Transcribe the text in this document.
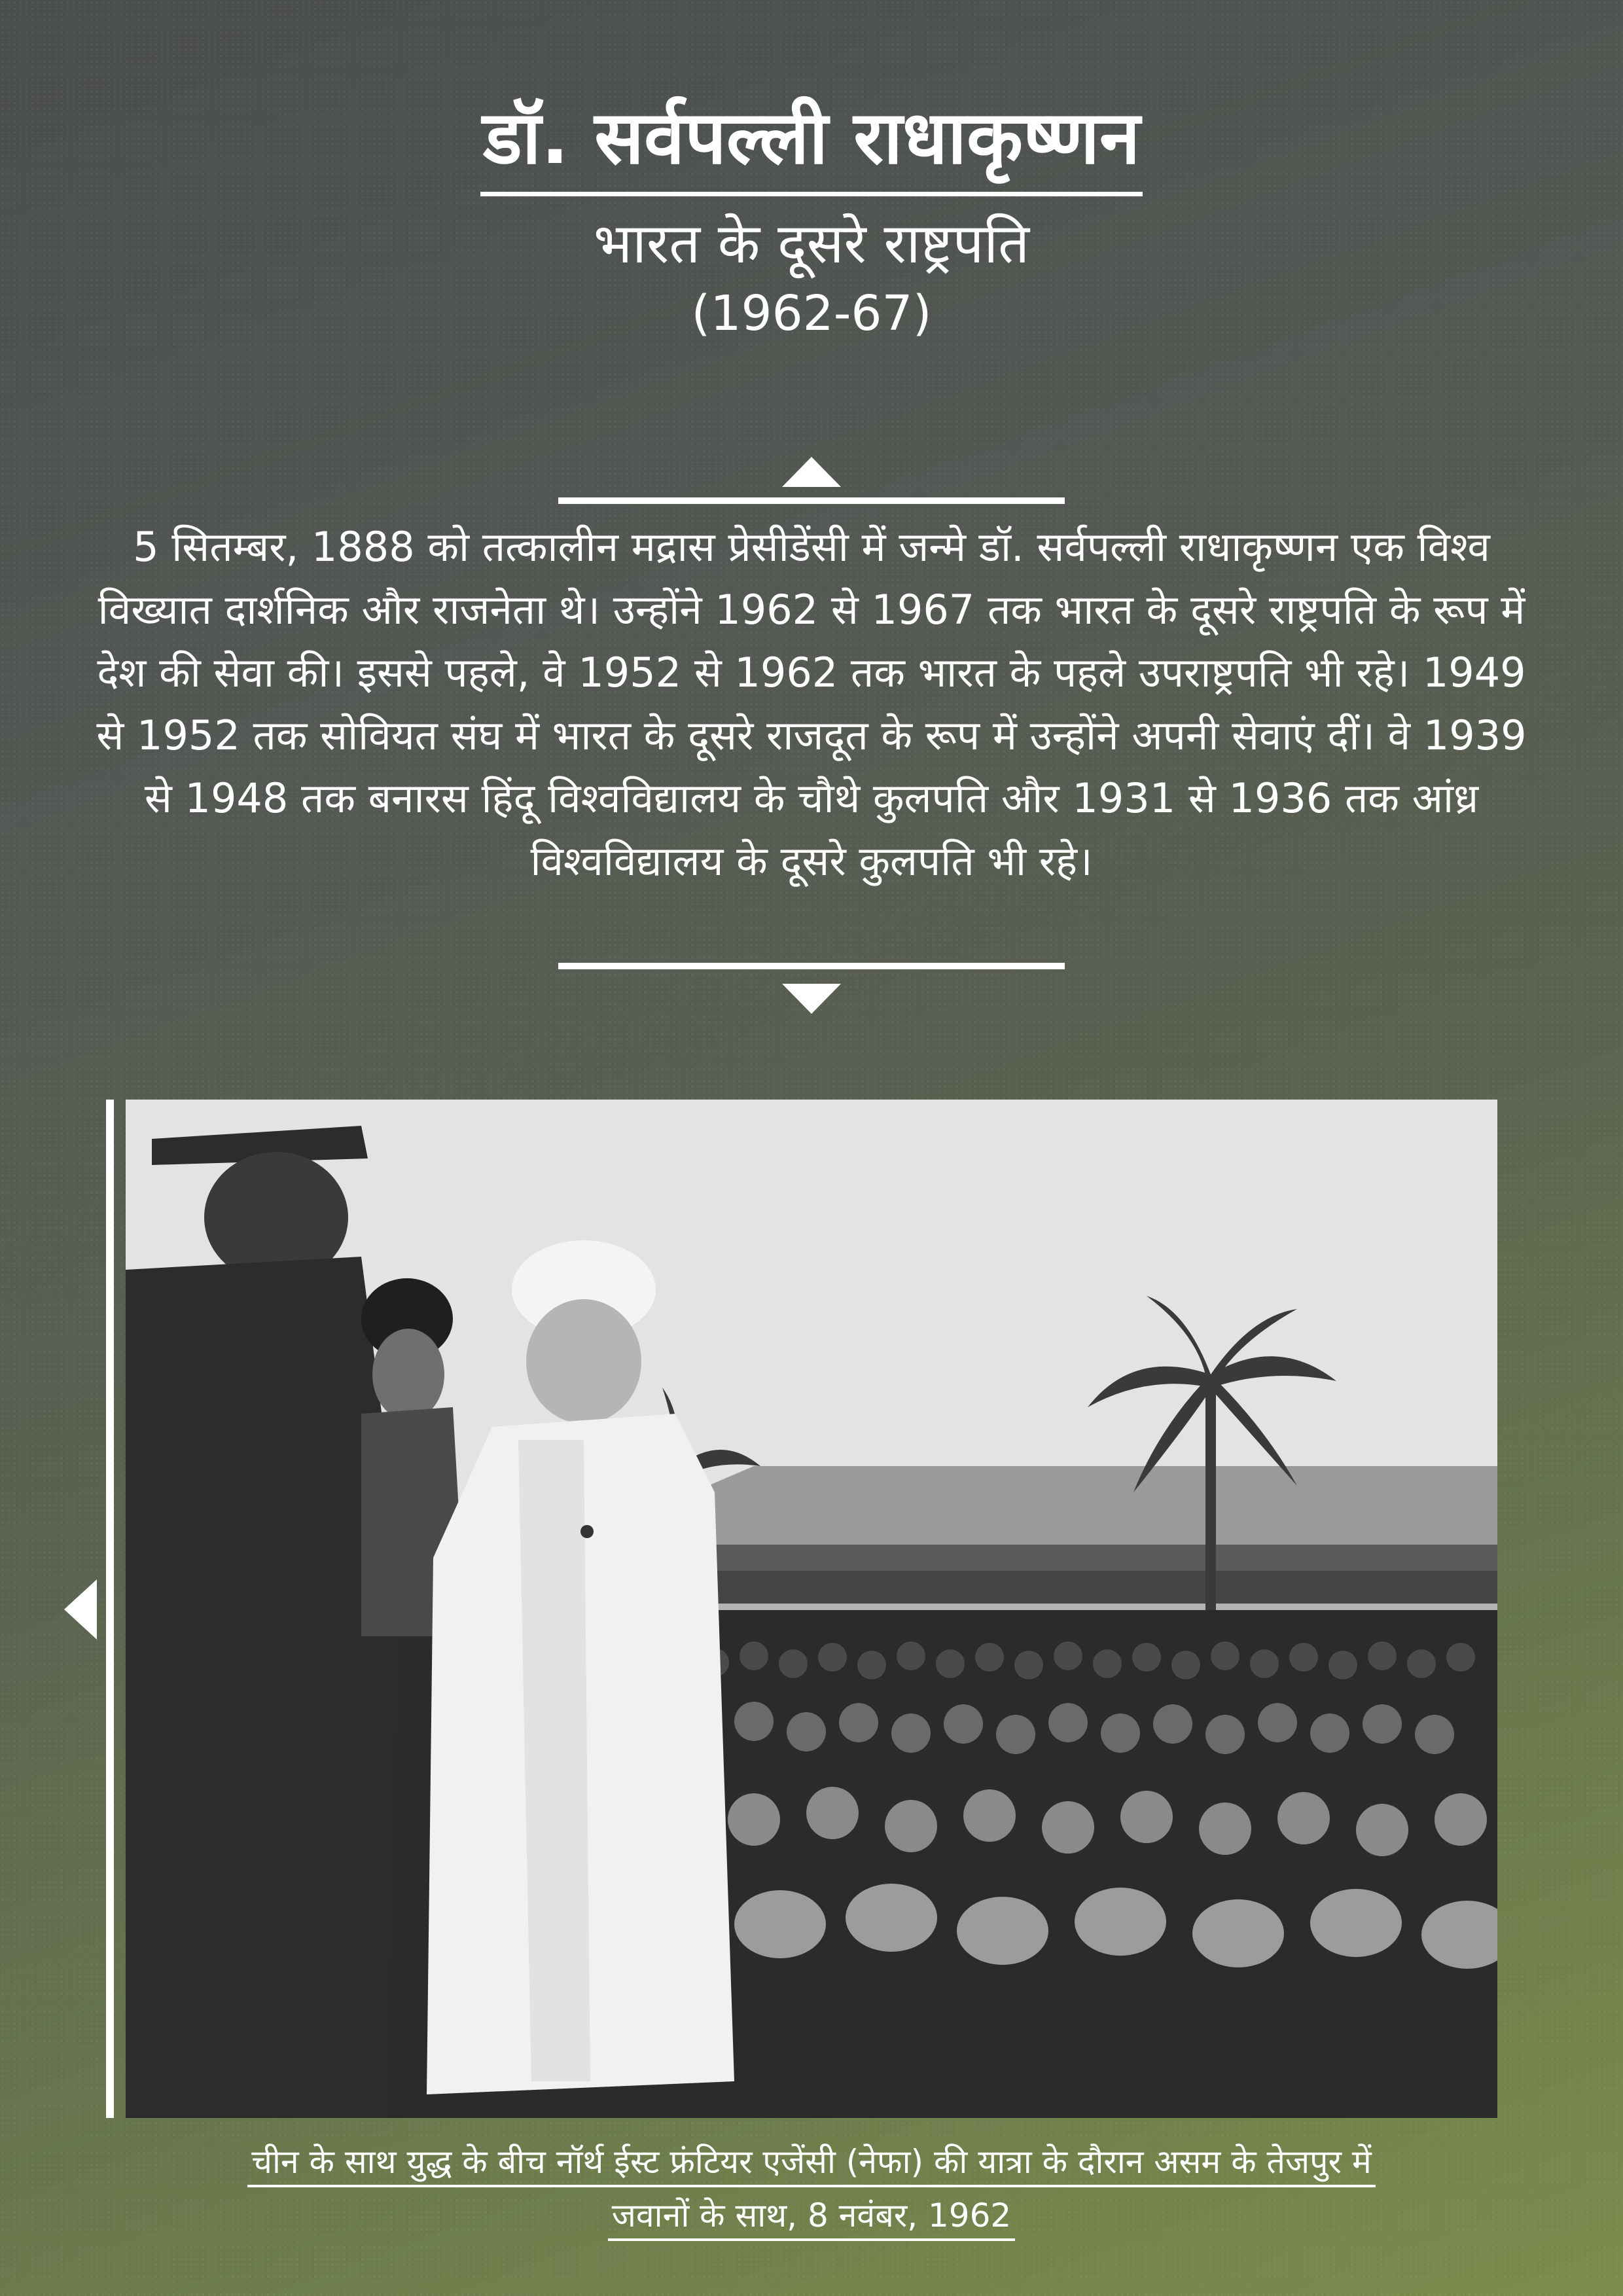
डॉ. सर्वपल्ली राधाकृष्णन
भारत के दूसरे राष्ट्रपति
(1962-67)

5 सितम्बर, 1888 को तत्कालीन मद्रास प्रेसीडेंसी में जन्मे डॉ. सर्वपल्ली राधाकृष्णन एक विश्व विख्यात दार्शनिक और राजनेता थे। उन्होंने 1962 से 1967 तक भारत के दूसरे राष्ट्रपति के रूप में देश की सेवा की। इससे पहले, वे 1952 से 1962 तक भारत के पहले उपराष्ट्रपति भी रहे। 1949 से 1952 तक सोवियत संघ में भारत के दूसरे राजदूत के रूप में उन्होंने अपनी सेवाएं दीं। वे 1939 से 1948 तक बनारस हिंदू विश्वविद्यालय के चौथे कुलपति और 1931 से 1936 तक आंध्र विश्वविद्यालय के दूसरे कुलपति भी रहे।

चीन के साथ युद्ध के बीच नॉर्थ ईस्ट फ्रंटियर एजेंसी (नेफा) की यात्रा के दौरान असम के तेजपुर में
जवानों के साथ, 8 नवंबर, 1962
